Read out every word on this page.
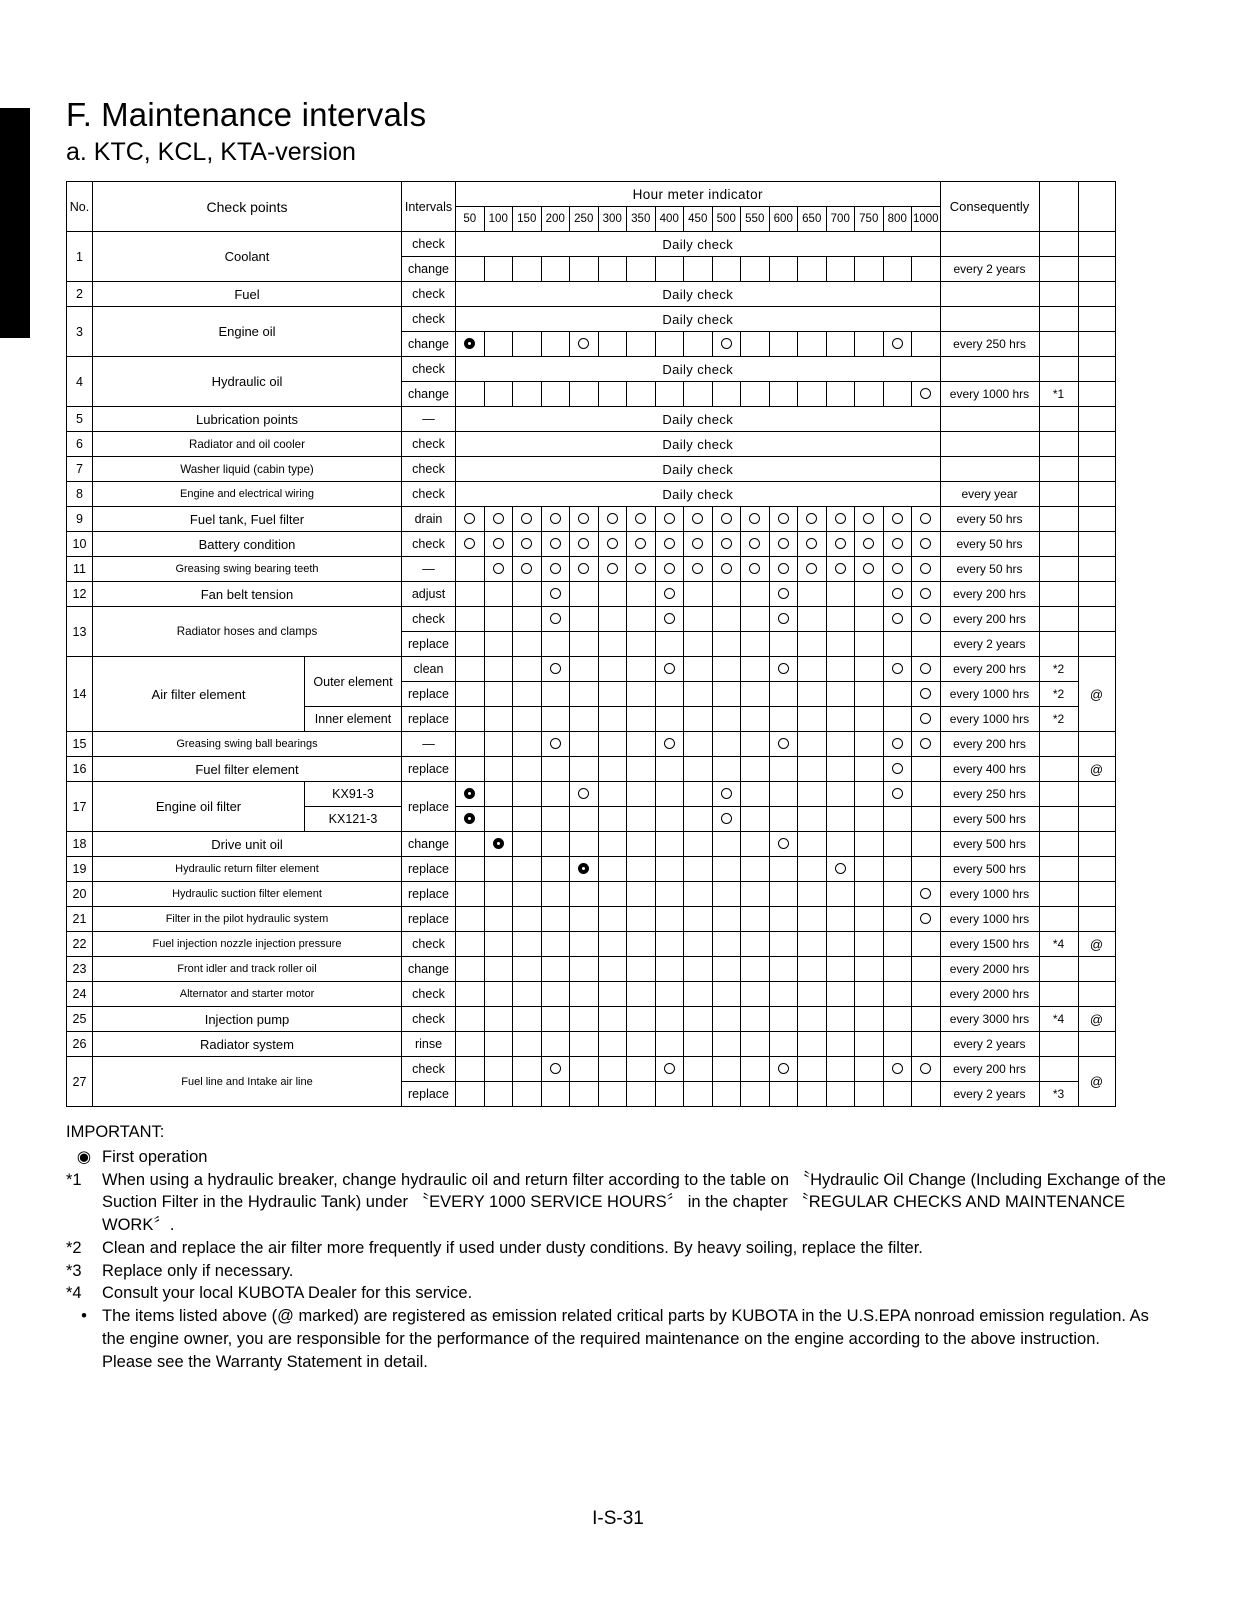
F. Maintenance intervals
a. KTC, KCL, KTA-version
No.	Check points		Intervals	Hour meter indicator																	Consequently		
				50	100	150	200	250	300	350	400	450	500	550	600	650	700	750	800	1000			
1	Coolant		check	Daily check																			
			change																		every 2 years		
2	Fuel		check	Daily check																			
3	Engine oil		check	Daily check																			
			change																		every 250 hrs		
4	Hydraulic oil		check	Daily check																			
			change																		every 1000 hrs	*1	
5	Lubrication points		—	Daily check																			
6	Radiator and oil cooler		check	Daily check																			
7	Washer liquid (cabin type)		check	Daily check																			
8	Engine and electrical wiring		check	Daily check																	every year		
9	Fuel tank, Fuel filter		drain																		every 50 hrs		
10	Battery condition		check																		every 50 hrs		
11	Greasing swing bearing teeth		—																		every 50 hrs		
12	Fan belt tension		adjust																		every 200 hrs		
13	Radiator hoses and clamps		check																		every 200 hrs		
			replace																		every 2 years		
14	Air filter element	Outer element	clean																		every 200 hrs	*2	@
			replace																		every 1000 hrs	*2	
		Inner element	replace																		every 1000 hrs	*2	
15	Greasing swing ball bearings		—																		every 200 hrs		
16	Fuel filter element		replace																		every 400 hrs		@
17	Engine oil filter	KX91-3	replace																		every 250 hrs		
		KX121-3																			every 500 hrs		
18	Drive unit oil		change																		every 500 hrs		
19	Hydraulic return filter element		replace																		every 500 hrs		
20	Hydraulic suction filter element		replace																		every 1000 hrs		
21	Filter in the pilot hydraulic system		replace																		every 1000 hrs		
22	Fuel injection nozzle injection pressure		check																		every 1500 hrs	*4	@
23	Front idler and track roller oil		change																		every 2000 hrs		
24	Alternator and starter motor		check																		every 2000 hrs		
25	Injection pump		check																		every 3000 hrs	*4	@
26	Radiator system		rinse																		every 2 years		
27	Fuel line and Intake air line		check																		every 200 hrs		@
			replace																		every 2 years	*3	
IMPORTANT:
◉ First operation
*1	When using a hydraulic breaker, change hydraulic oil and return filter according to the table on 〝Hydraulic Oil Change (Including Exchange of the Suction Filter in the Hydraulic Tank) under 〝EVERY 1000 SERVICE HOURS〞 in the chapter 〝REGULAR CHECKS AND MAINTENANCE WORK〞.
*2	Clean and replace the air filter more frequently if used under dusty conditions. By heavy soiling, replace the filter.
*3	Replace only if necessary.
*4	Consult your local KUBOTA Dealer for this service.
• The items listed above (@ marked) are registered as emission related critical parts by KUBOTA in the U.S.EPA nonroad emission regulation. As the engine owner, you are responsible for the performance of the required maintenance on the engine according to the above instruction.
Please see the Warranty Statement in detail.
I-S-31
